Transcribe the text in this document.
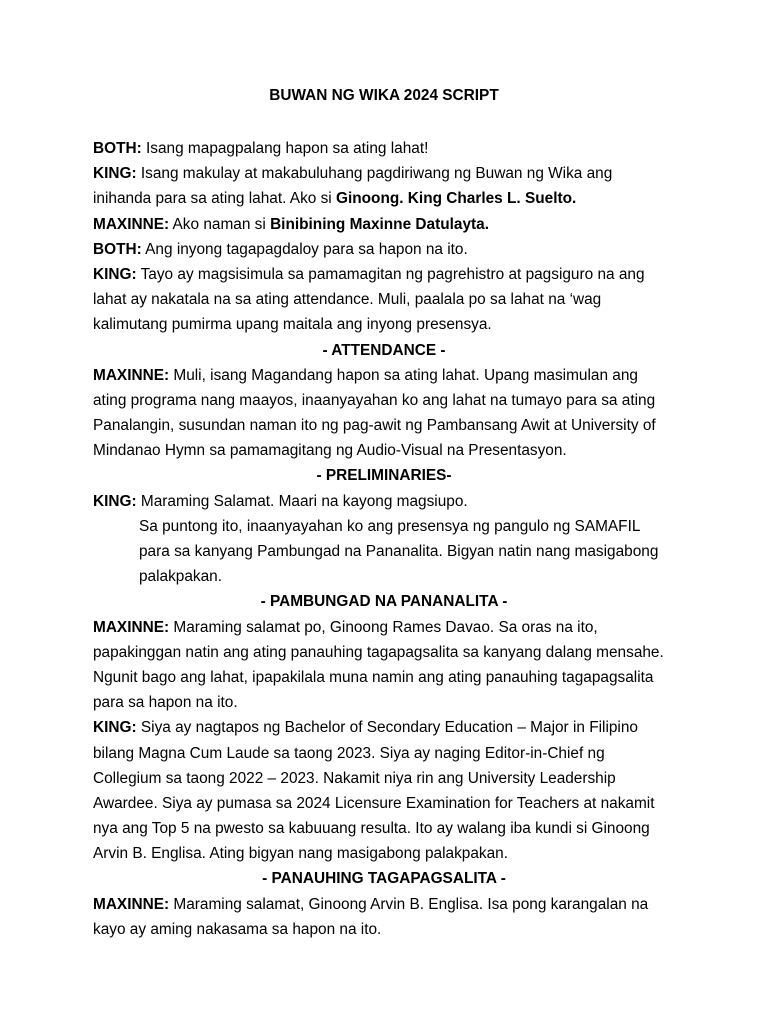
BUWAN NG WIKA 2024 SCRIPT
BOTH: Isang mapagpalang hapon sa ating lahat!
KING: Isang makulay at makabuluhang pagdiriwang ng Buwan ng Wika ang
inihanda para sa ating lahat. Ako si Ginoong. King Charles L. Suelto.
MAXINNE: Ako naman si Binibining Maxinne Datulayta.
BOTH: Ang inyong tagapagdaloy para sa hapon na ito.
KING: Tayo ay magsisimula sa pamamagitan ng pagrehistro at pagsiguro na ang
lahat ay nakatala na sa ating attendance. Muli, paalala po sa lahat na ‘wag
kalimutang pumirma upang maitala ang inyong presensya.
- ATTENDANCE -
MAXINNE: Muli, isang Magandang hapon sa ating lahat. Upang masimulan ang
ating programa nang maayos, inaanyayahan ko ang lahat na tumayo para sa ating
Panalangin, susundan naman ito ng pag-awit ng Pambansang Awit at University of
Mindanao Hymn sa pamamagitang ng Audio-Visual na Presentasyon.
- PRELIMINARIES-
KING: Maraming Salamat. Maari na kayong magsiupo.
Sa puntong ito, inaanyayahan ko ang presensya ng pangulo ng SAMAFIL
para sa kanyang Pambungad na Pananalita. Bigyan natin nang masigabong
palakpakan.
- PAMBUNGAD NA PANANALITA -
MAXINNE: Maraming salamat po, Ginoong Rames Davao. Sa oras na ito,
papakinggan natin ang ating panauhing tagapagsalita sa kanyang dalang mensahe.
Ngunit bago ang lahat, ipapakilala muna namin ang ating panauhing tagapagsalita
para sa hapon na ito.
KING: Siya ay nagtapos ng Bachelor of Secondary Education – Major in Filipino
bilang Magna Cum Laude sa taong 2023. Siya ay naging Editor-in-Chief ng
Collegium sa taong 2022 – 2023. Nakamit niya rin ang University Leadership
Awardee. Siya ay pumasa sa 2024 Licensure Examination for Teachers at nakamit
nya ang Top 5 na pwesto sa kabuuang resulta. Ito ay walang iba kundi si Ginoong
Arvin B. Englisa. Ating bigyan nang masigabong palakpakan.
- PANAUHING TAGAPAGSALITA -
MAXINNE: Maraming salamat, Ginoong Arvin B. Englisa. Isa pong karangalan na
kayo ay aming nakasama sa hapon na ito.
